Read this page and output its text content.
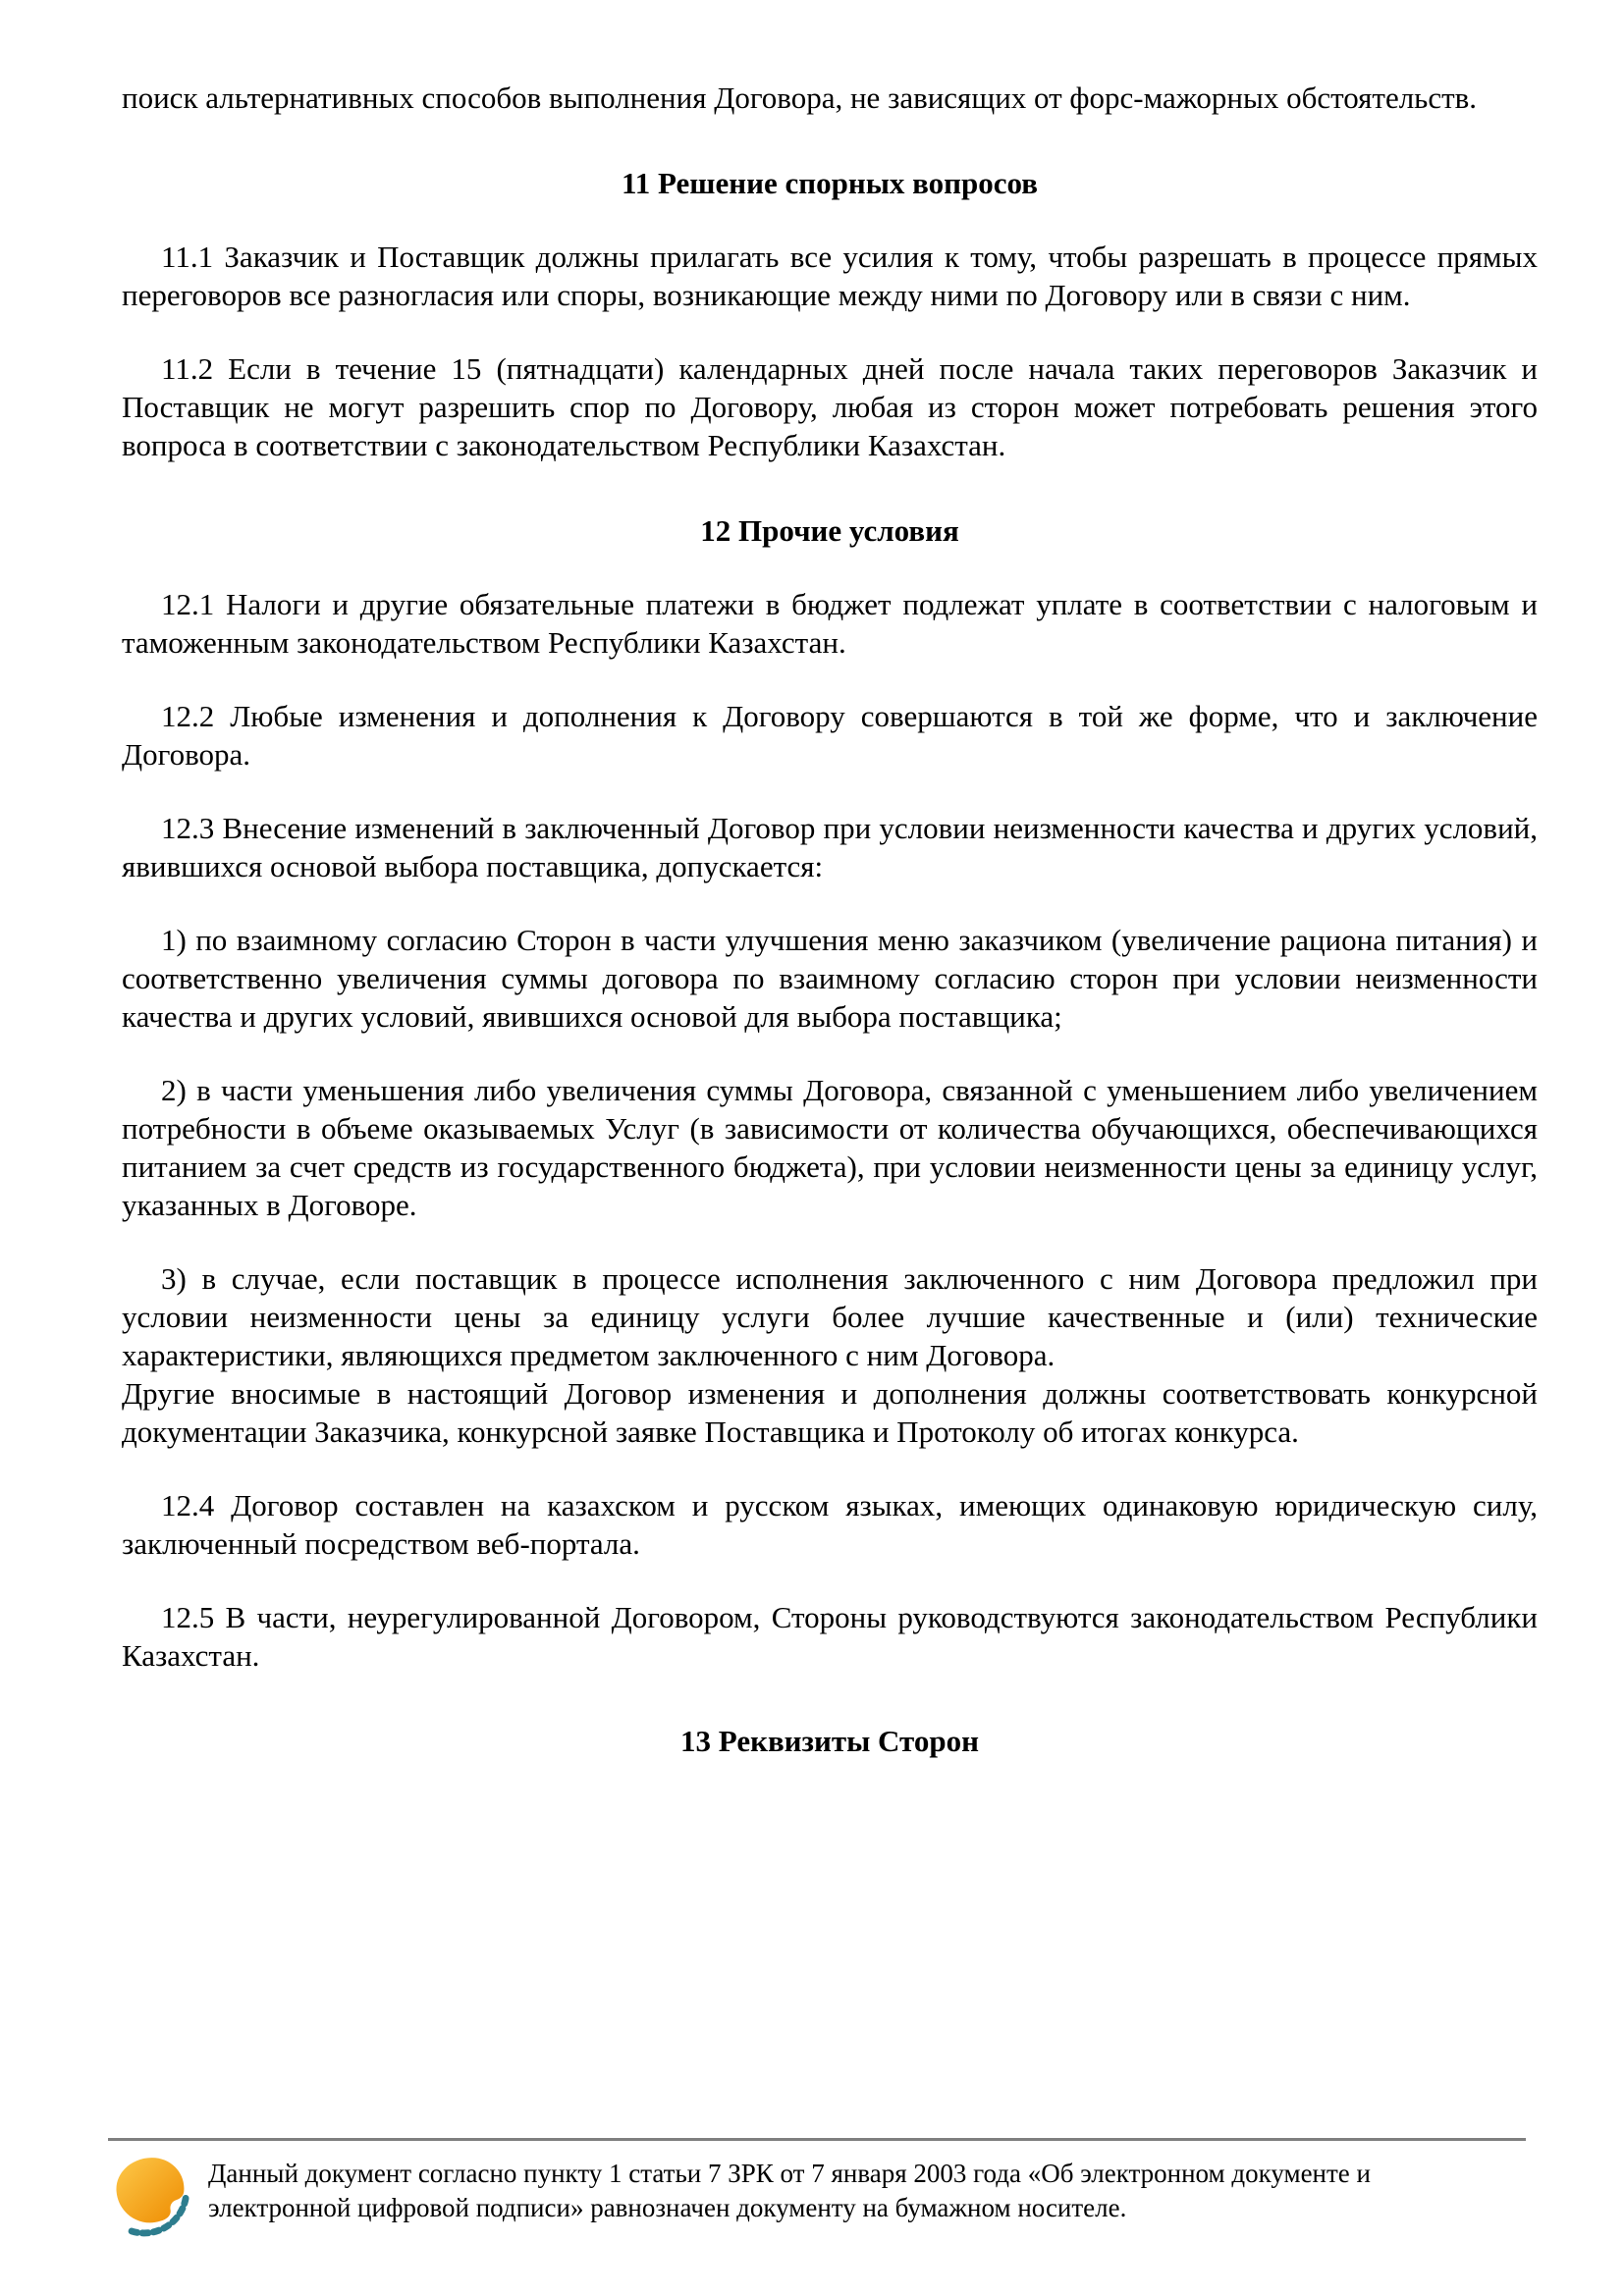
поиск альтернативных способов выполнения Договора, не зависящих от форс-мажорных обстоятельств.

11 Решение спорных вопросов

11.1 Заказчик и Поставщик должны прилагать все усилия к тому, чтобы разрешать в процессе прямых переговоров все разногласия или споры, возникающие между ними по Договору или в связи с ним.

11.2 Если в течение 15 (пятнадцати) календарных дней после начала таких переговоров Заказчик и Поставщик не могут разрешить спор по Договору, любая из сторон может потребовать решения этого вопроса в соответствии с законодательством Республики Казахстан.

12 Прочие условия

12.1 Налоги и другие обязательные платежи в бюджет подлежат уплате в соответствии с налоговым и таможенным законодательством Республики Казахстан.

12.2 Любые изменения и дополнения к Договору совершаются в той же форме, что и заключение Договора.

12.3 Внесение изменений в заключенный Договор при условии неизменности качества и других условий, явившихся основой выбора поставщика, допускается:

1) по взаимному согласию Сторон в части улучшения меню заказчиком (увеличение рациона питания) и соответственно увеличения суммы договора по взаимному согласию сторон при условии неизменности качества и других условий, явившихся основой для выбора поставщика;

2) в части уменьшения либо увеличения суммы Договора, связанной с уменьшением либо увеличением потребности в объеме оказываемых Услуг (в зависимости от количества обучающихся, обеспечивающихся питанием за счет средств из государственного бюджета), при условии неизменности цены за единицу услуг, указанных в Договоре.

3) в случае, если поставщик в процессе исполнения заключенного с ним Договора предложил при условии неизменности цены за единицу услуги более лучшие качественные и (или) технические характеристики, являющихся предметом заключенного с ним Договора.

Другие вносимые в настоящий Договор изменения и дополнения должны соответствовать конкурсной документации Заказчика, конкурсной заявке Поставщика и Протоколу об итогах конкурса.

12.4 Договор составлен на казахском и русском языках, имеющих одинаковую юридическую силу, заключенный посредством веб-портала.

12.5 В части, неурегулированной Договором, Стороны руководствуются законодательством Республики Казахстан.

13 Реквизиты Сторон
Данный документ согласно пункту 1 статьи 7 ЗРК от 7 января 2003 года «Об электронном документе и электронной цифровой подписи» равнозначен документу на бумажном носителе.
